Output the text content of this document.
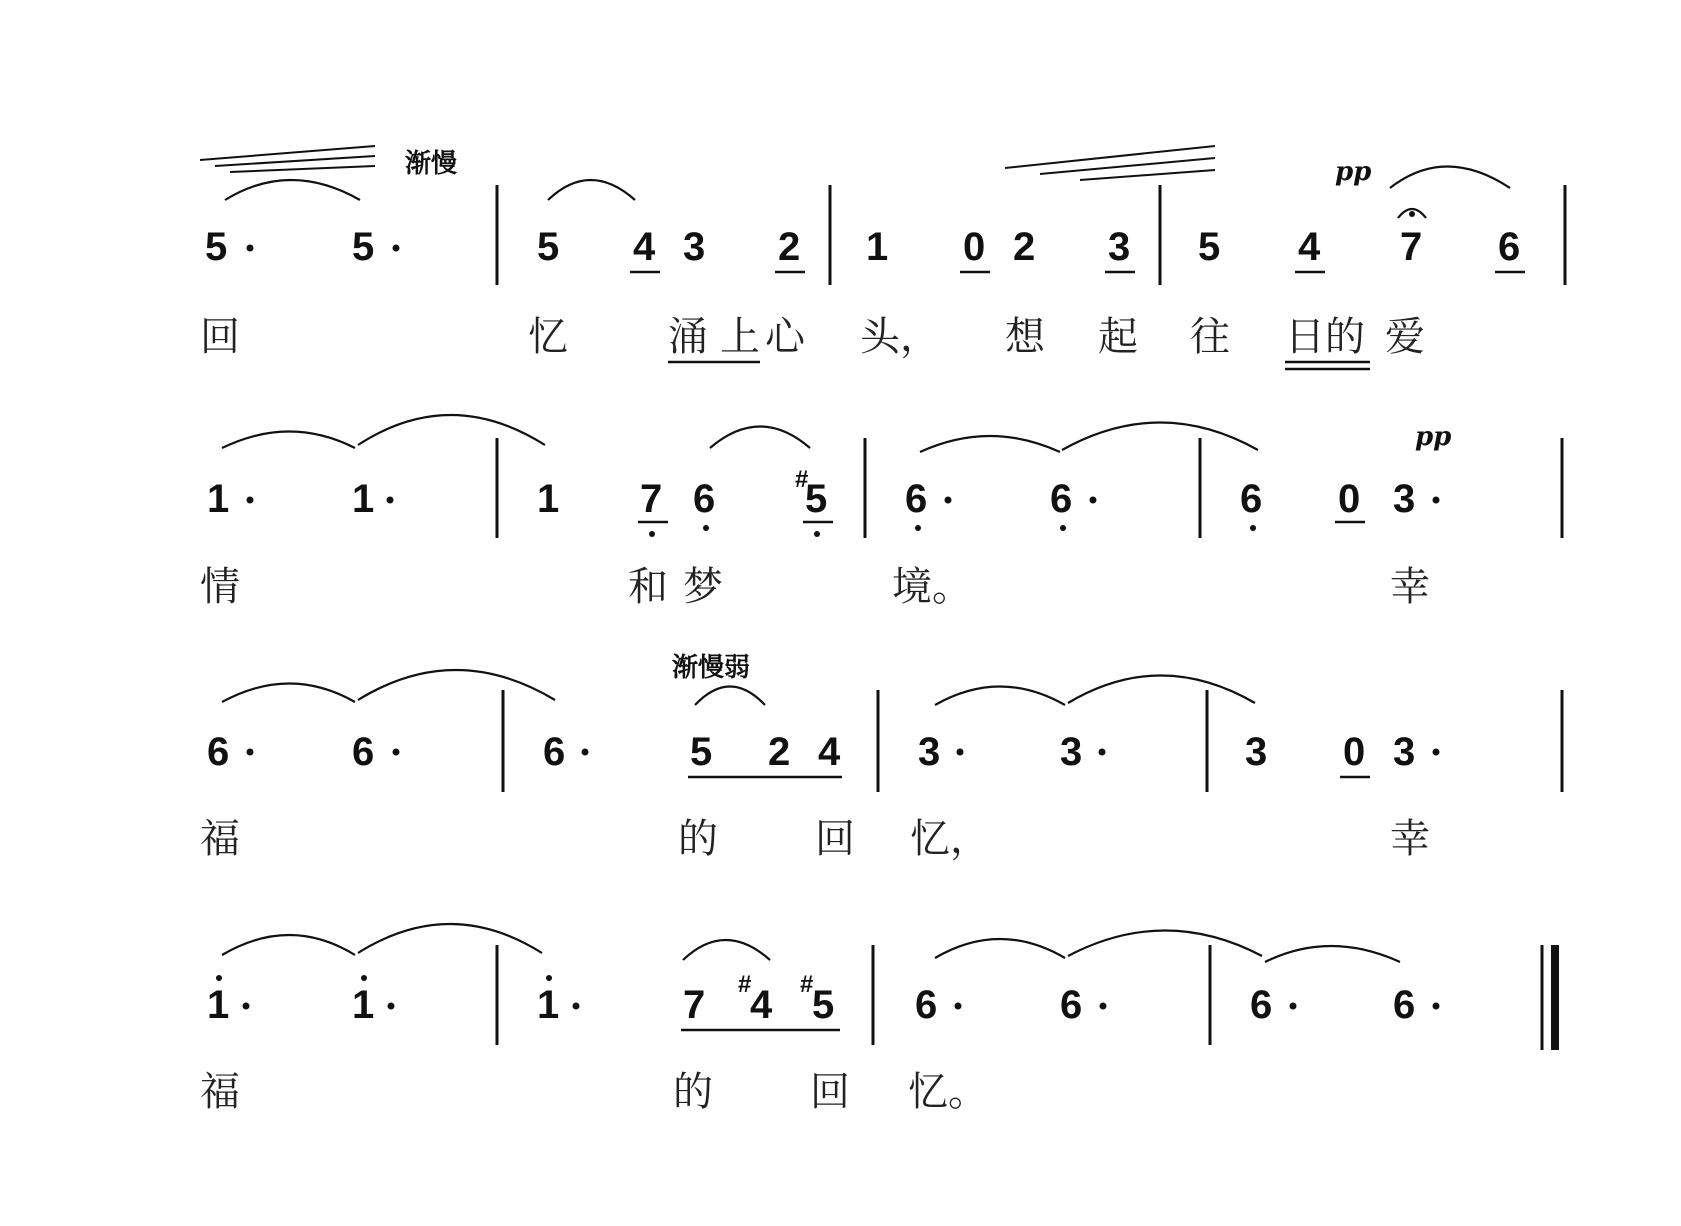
渐慢	pp
5	5	5 4 3 2 1 0 2 3 5 4 7 6
回	忆	涌 上 心 头， 想 起 往 日 的 爱
pp
1	1	1 7 6	#
5 6	6	6 0 3
情	和 梦	境。	幸
渐慢弱
6	6	6	5 2 4 3	3	3 0 3
福	的 回 忆，	幸
1	1	1	7 #
4 #
5 6	6	6	6
福	的 回 忆。
